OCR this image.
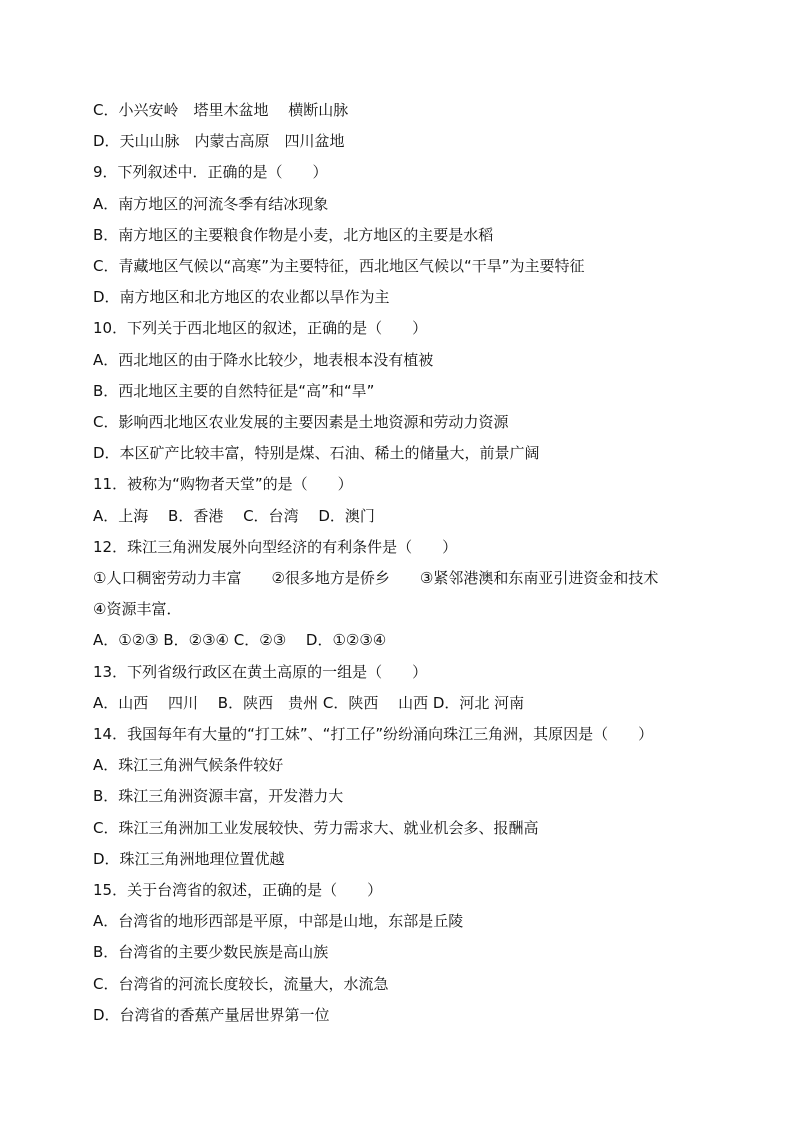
C．小兴安岭　塔里木盆地　 横断山脉
D．天山山脉　内蒙古高原　四川盆地
9．下列叙述中．正确的是（　　）
A．南方地区的河流冬季有结冰现象
B．南方地区的主要粮食作物是小麦，北方地区的主要是水稻
C．青藏地区气候以“高寒”为主要特征，西北地区气候以“干旱”为主要特征
D．南方地区和北方地区的农业都以旱作为主
10．下列关于西北地区的叙述，正确的是（　　）
A．西北地区的由于降水比较少，地表根本没有植被
B．西北地区主要的自然特征是“高”和“旱”
C．影响西北地区农业发展的主要因素是土地资源和劳动力资源
D．本区矿产比较丰富，特别是煤、石油、稀土的储量大，前景广阔
11．被称为“购物者天堂”的是（　　）
A．上海　 B．香港　 C．台湾　 D．澳门
12．珠江三角洲发展外向型经济的有利条件是（　　）
①人口稠密劳动力丰富　　②很多地方是侨乡　　③紧邻港澳和东南亚引进资金和技术
④资源丰富．
A．①②③ B．②③④ C．②③　 D．①②③④
13．下列省级行政区在黄土高原的一组是（　　）
A．山西　 四川　 B．陕西　贵州 C．陕西　 山西 D．河北 河南
14．我国每年有大量的“打工妹”、“打工仔”纷纷涌向珠江三角洲，其原因是（　　）
A．珠江三角洲气候条件较好
B．珠江三角洲资源丰富，开发潜力大
C．珠江三角洲加工业发展较快、劳力需求大、就业机会多、报酬高
D．珠江三角洲地理位置优越
15．关于台湾省的叙述，正确的是（　　）
A．台湾省的地形西部是平原，中部是山地，东部是丘陵
B．台湾省的主要少数民族是高山族
C．台湾省的河流长度较长，流量大，水流急
D．台湾省的香蕉产量居世界第一位
